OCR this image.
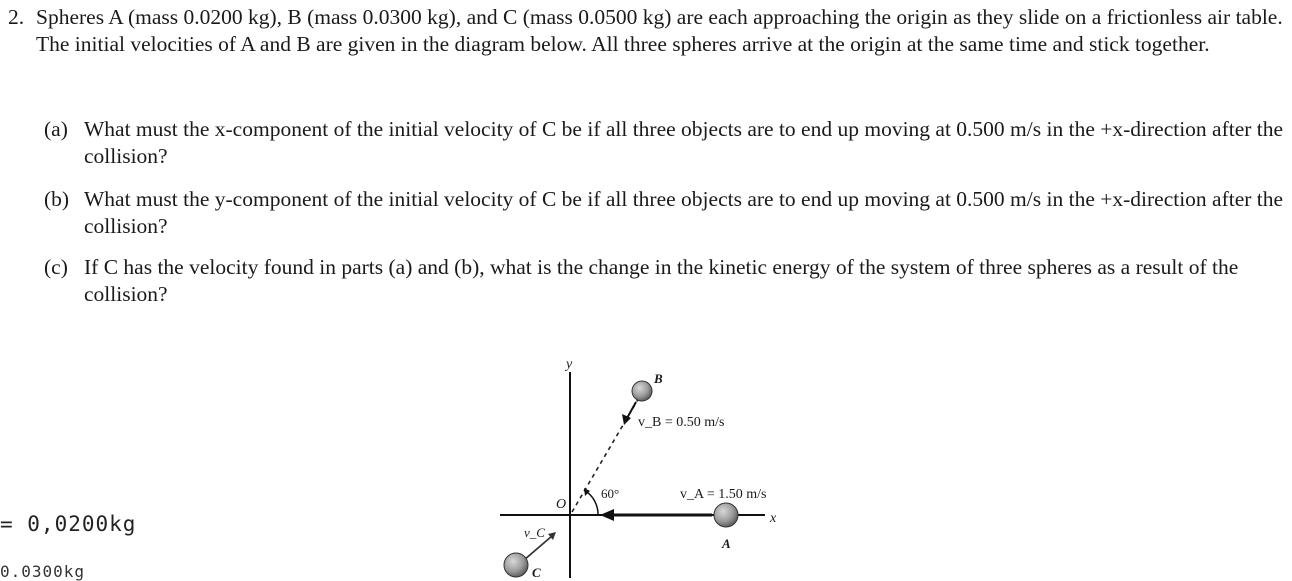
2. Spheres A (mass 0.0200 kg), B (mass 0.0300 kg), and C (mass 0.0500 kg) are each approaching the origin as they slide on a frictionless air table. The initial velocities of A and B are given in the diagram below. All three spheres arrive at the origin at the same time and stick together.
(a) What must the x-component of the initial velocity of C be if all three objects are to end up moving at 0.500 m/s in the +x-direction after the collision?
(b) What must the y-component of the initial velocity of C be if all three objects are to end up moving at 0.500 m/s in the +x-direction after the collision?
(c) If C has the velocity found in parts (a) and (b), what is the change in the kinetic energy of the system of three spheres as a result of the collision?
y
x
O
B
v_B = 0.50 m/s
60°	v_A = 1.50 m/s
A
v_C
C
= 0,0200kg
0.0300kg
